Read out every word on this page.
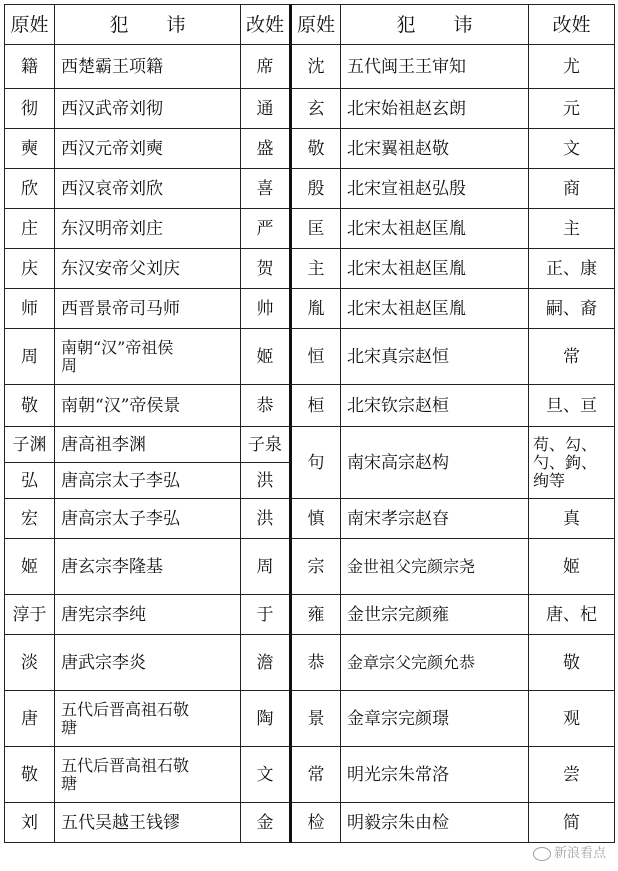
原姓	犯　　讳	改姓	原姓	犯　　讳	改姓
籍	西楚霸王项籍	席	沈	五代闽王王审知	尤
彻	西汉武帝刘彻	通	玄	北宋始祖赵玄朗	元
奭	西汉元帝刘奭	盛	敬	北宋翼祖赵敬	文
欣	西汉哀帝刘欣	喜	殷	北宋宣祖赵弘殷	商
庄	东汉明帝刘庄	严	匡	北宋太祖赵匡胤	主
庆	东汉安帝父刘庆	贺	主	北宋太祖赵匡胤	正、康
师	西晋景帝司马师	帅	胤	北宋太祖赵匡胤	嗣、裔
周	南朝“汉”帝祖侯周	姬	恒	北宋真宗赵恒	常
敬	南朝“汉”帝侯景	恭	桓	北宋钦宗赵桓	旦、亘
子渊	唐高祖李渊	子泉	句	南宋高宗赵构	苟、勾、勺、鉤、绚等
弘	唐高宗太子李弘	洪			
宏	唐高宗太子李弘	洪	慎	南宋孝宗赵昚	真
姬	唐玄宗李隆基	周	宗	金世祖父完颜宗尧	姬
淳于	唐宪宗李纯	于	雍	金世宗完颜雍	唐、杞
淡	唐武宗李炎	澹	恭	金章宗父完颜允恭	敬
唐	五代后晋高祖石敬瑭	陶	景	金章宗完颜璟	观
敬	五代后晋高祖石敬瑭	文	常	明光宗朱常洛	尝
刘	五代吴越王钱镠	金	检	明毅宗朱由检	简
新浪看点
